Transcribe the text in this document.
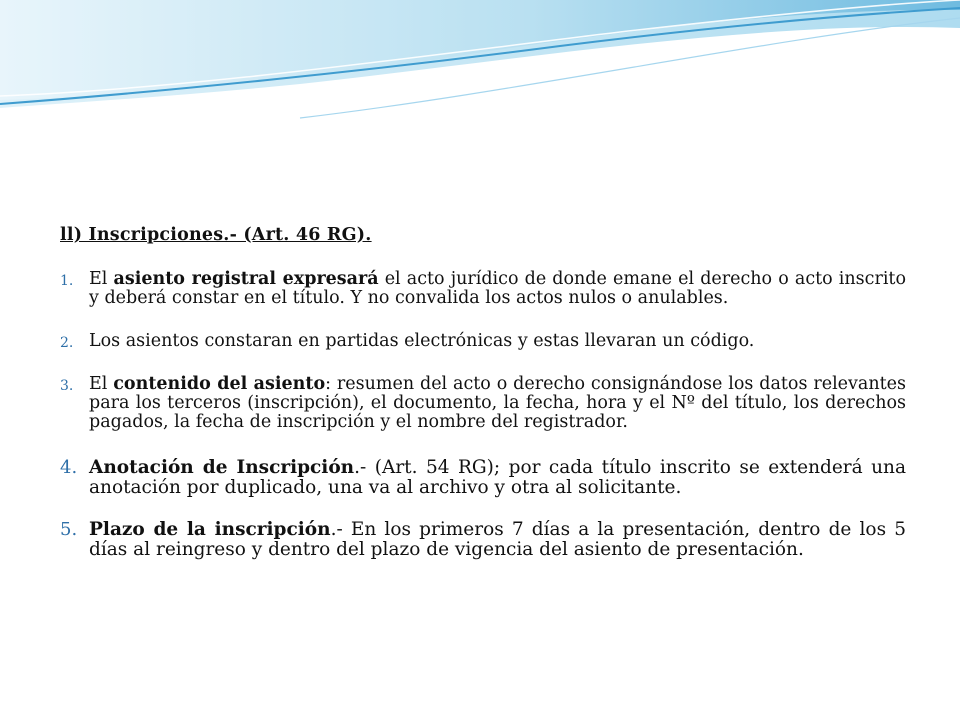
ll) Inscripciones.- (Art. 46 RG).

1. El asiento registral expresará el acto jurídico de donde emane el derecho o acto inscrito y deberá constar en el título. Y no convalida los actos nulos o anulables.
2. Los asientos constaran en partidas electrónicas y estas llevaran un código.
3. El contenido del asiento: resumen del acto o derecho consignándose los datos relevantes para los terceros (inscripción), el documento, la fecha, hora y el Nº del título, los derechos pagados, la fecha de inscripción y el nombre del registrador.
4. Anotación de Inscripción.- (Art. 54 RG); por cada título inscrito se extenderá una anotación por duplicado, una va al archivo y otra al solicitante.
5. Plazo de la inscripción.- En los primeros 7 días a la presentación, dentro de los 5 días al reingreso y dentro del plazo de vigencia del asiento de presentación.
